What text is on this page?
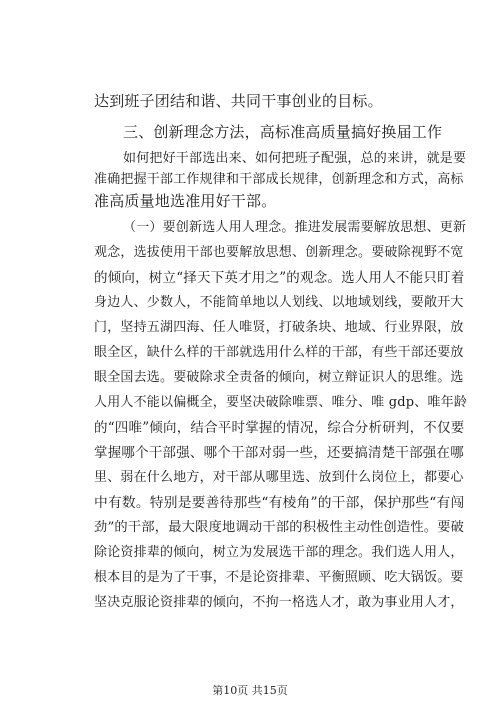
达到班子团结和谐、共同干事创业的目标。
三、创新理念方法，高标准高质量搞好换届工作
如何把好干部选出来、如何把班子配强，总的来讲，就是要
准确把握干部工作规律和干部成长规律，创新理念和方式，高标
准高质量地选准用好干部。
（一）要创新选人用人理念。推进发展需要解放思想、更新
观念，选拔使用干部也要解放思想、创新理念。要破除视野不宽
的倾向，树立“择天下英才用之”的观念。选人用人不能只盯着
身边人、少数人，不能简单地以人划线、以地域划线，要敞开大
门，坚持五湖四海、任人唯贤，打破条块、地域、行业界限，放
眼全区，缺什么样的干部就选用什么样的干部，有些干部还要放
眼全国去选。要破除求全责备的倾向，树立辩证识人的思维。选
人用人不能以偏概全，要坚决破除唯票、唯分、唯 gdp、唯年龄
的“四唯”倾向，结合平时掌握的情况，综合分析研判，不仅要
掌握哪个干部强、哪个干部对弱一些，还要搞清楚干部强在哪
里、弱在什么地方，对干部从哪里选、放到什么岗位上，都要心
中有数。特别是要善待那些“有棱角”的干部，保护那些“有闯
劲”的干部，最大限度地调动干部的积极性主动性创造性。要破
除论资排辈的倾向，树立为发展选干部的理念。我们选人用人，
根本目的是为了干事，不是论资排辈、平衡照顾、吃大锅饭。要
坚决克服论资排辈的倾向，不拘一格选人才，敢为事业用人才，
第10页 共15页
